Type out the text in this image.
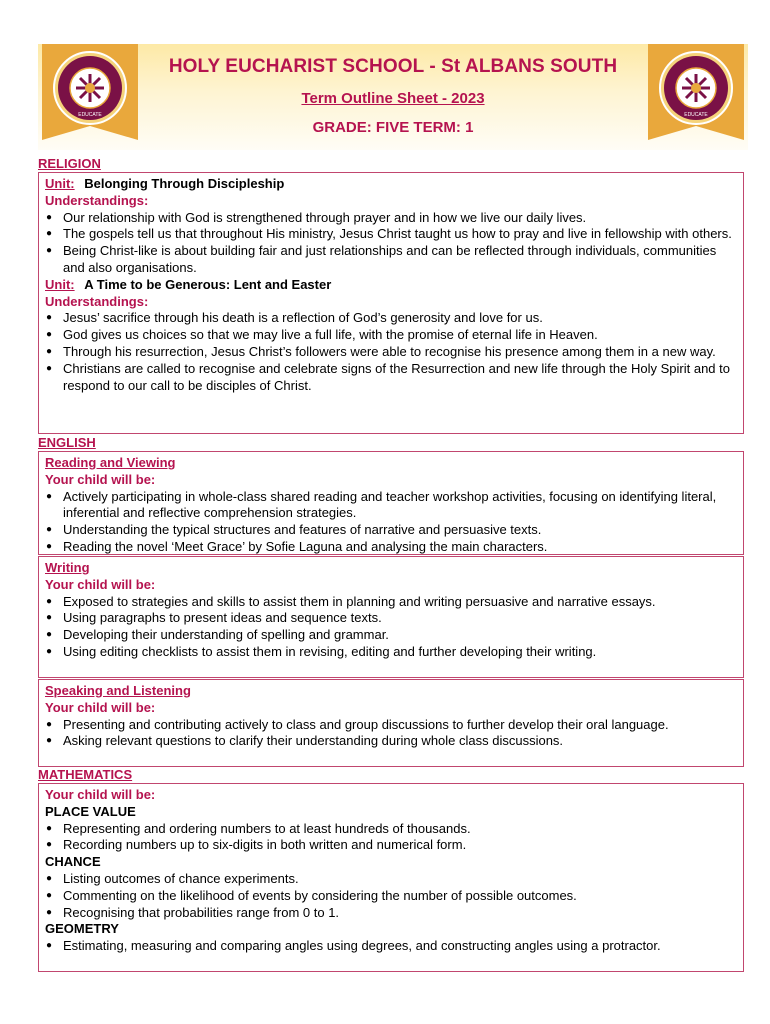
EDUCATE	EDUCATE
HOLY EUCHARIST SCHOOL - St ALBANS SOUTH
Term Outline Sheet - 2023
GRADE: FIVE TERM: 1
RELIGION
Unit: Belonging Through Discipleship
Understandings:
● Our relationship with God is strengthened through prayer and in how we live our daily lives.
● The gospels tell us that throughout His ministry, Jesus Christ taught us how to pray and live in fellowship with others.
● Being Christ-like is about building fair and just relationships and can be reflected through individuals, communities and also organisations.
Unit: A Time to be Generous: Lent and Easter
Understandings:
● Jesus’ sacrifice through his death is a reflection of God’s generosity and love for us.
● God gives us choices so that we may live a full life, with the promise of eternal life in Heaven.
● Through his resurrection, Jesus Christ’s followers were able to recognise his presence among them in a new way.
● Christians are called to recognise and celebrate signs of the Resurrection and new life through the Holy Spirit and to respond to our call to be disciples of Christ.
ENGLISH
Reading and Viewing
Your child will be:
● Actively participating in whole-class shared reading and teacher workshop activities, focusing on identifying literal, inferential and reflective comprehension strategies.
● Understanding the typical structures and features of narrative and persuasive texts.
● Reading the novel ‘Meet Grace’ by Sofie Laguna and analysing the main characters.
Writing
Your child will be:
● Exposed to strategies and skills to assist them in planning and writing persuasive and narrative essays.
● Using paragraphs to present ideas and sequence texts.
● Developing their understanding of spelling and grammar.
● Using editing checklists to assist them in revising, editing and further developing their writing.
Speaking and Listening
Your child will be:
● Presenting and contributing actively to class and group discussions to further develop their oral language.
● Asking relevant questions to clarify their understanding during whole class discussions.
MATHEMATICS
Your child will be:
PLACE VALUE
● Representing and ordering numbers to at least hundreds of thousands.
● Recording numbers up to six-digits in both written and numerical form.
CHANCE
● Listing outcomes of chance experiments.
● Commenting on the likelihood of events by considering the number of possible outcomes.
● Recognising that probabilities range from 0 to 1.
GEOMETRY
● Estimating, measuring and comparing angles using degrees, and constructing angles using a protractor.
